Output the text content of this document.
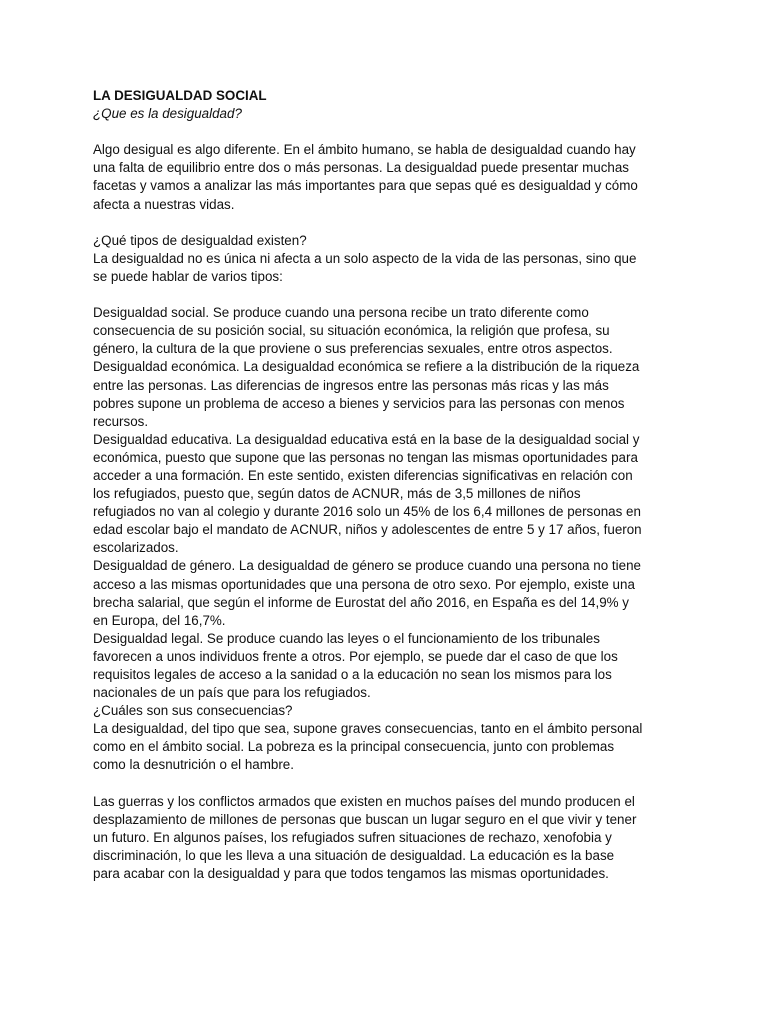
LA DESIGUALDAD SOCIAL

¿Que es la desigualdad?

Algo desigual es algo diferente. En el ámbito humano, se habla de desigualdad cuando hay
una falta de equilibrio entre dos o más personas. La desigualdad puede presentar muchas
facetas y vamos a analizar las más importantes para que sepas qué es desigualdad y cómo
afecta a nuestras vidas.

¿Qué tipos de desigualdad existen?

La desigualdad no es única ni afecta a un solo aspecto de la vida de las personas, sino que
se puede hablar de varios tipos:

Desigualdad social. Se produce cuando una persona recibe un trato diferente como
consecuencia de su posición social, su situación económica, la religión que profesa, su
género, la cultura de la que proviene o sus preferencias sexuales, entre otros aspectos.

Desigualdad económica. La desigualdad económica se refiere a la distribución de la riqueza
entre las personas. Las diferencias de ingresos entre las personas más ricas y las más
pobres supone un problema de acceso a bienes y servicios para las personas con menos
recursos.

Desigualdad educativa. La desigualdad educativa está en la base de la desigualdad social y
económica, puesto que supone que las personas no tengan las mismas oportunidades para
acceder a una formación. En este sentido, existen diferencias significativas en relación con
los refugiados, puesto que, según datos de ACNUR, más de 3,5 millones de niños
refugiados no van al colegio y durante 2016 solo un 45% de los 6,4 millones de personas en
edad escolar bajo el mandato de ACNUR, niños y adolescentes de entre 5 y 17 años, fueron
escolarizados.

Desigualdad de género. La desigualdad de género se produce cuando una persona no tiene
acceso a las mismas oportunidades que una persona de otro sexo. Por ejemplo, existe una
brecha salarial, que según el informe de Eurostat del año 2016, en España es del 14,9% y
en Europa, del 16,7%.

Desigualdad legal. Se produce cuando las leyes o el funcionamiento de los tribunales
favorecen a unos individuos frente a otros. Por ejemplo, se puede dar el caso de que los
requisitos legales de acceso a la sanidad o a la educación no sean los mismos para los
nacionales de un país que para los refugiados.

¿Cuáles son sus consecuencias?

La desigualdad, del tipo que sea, supone graves consecuencias, tanto en el ámbito personal
como en el ámbito social. La pobreza es la principal consecuencia, junto con problemas
como la desnutrición o el hambre.

Las guerras y los conflictos armados que existen en muchos países del mundo producen el
desplazamiento de millones de personas que buscan un lugar seguro en el que vivir y tener
un futuro. En algunos países, los refugiados sufren situaciones de rechazo, xenofobia y
discriminación, lo que les lleva a una situación de desigualdad. La educación es la base
para acabar con la desigualdad y para que todos tengamos las mismas oportunidades.
